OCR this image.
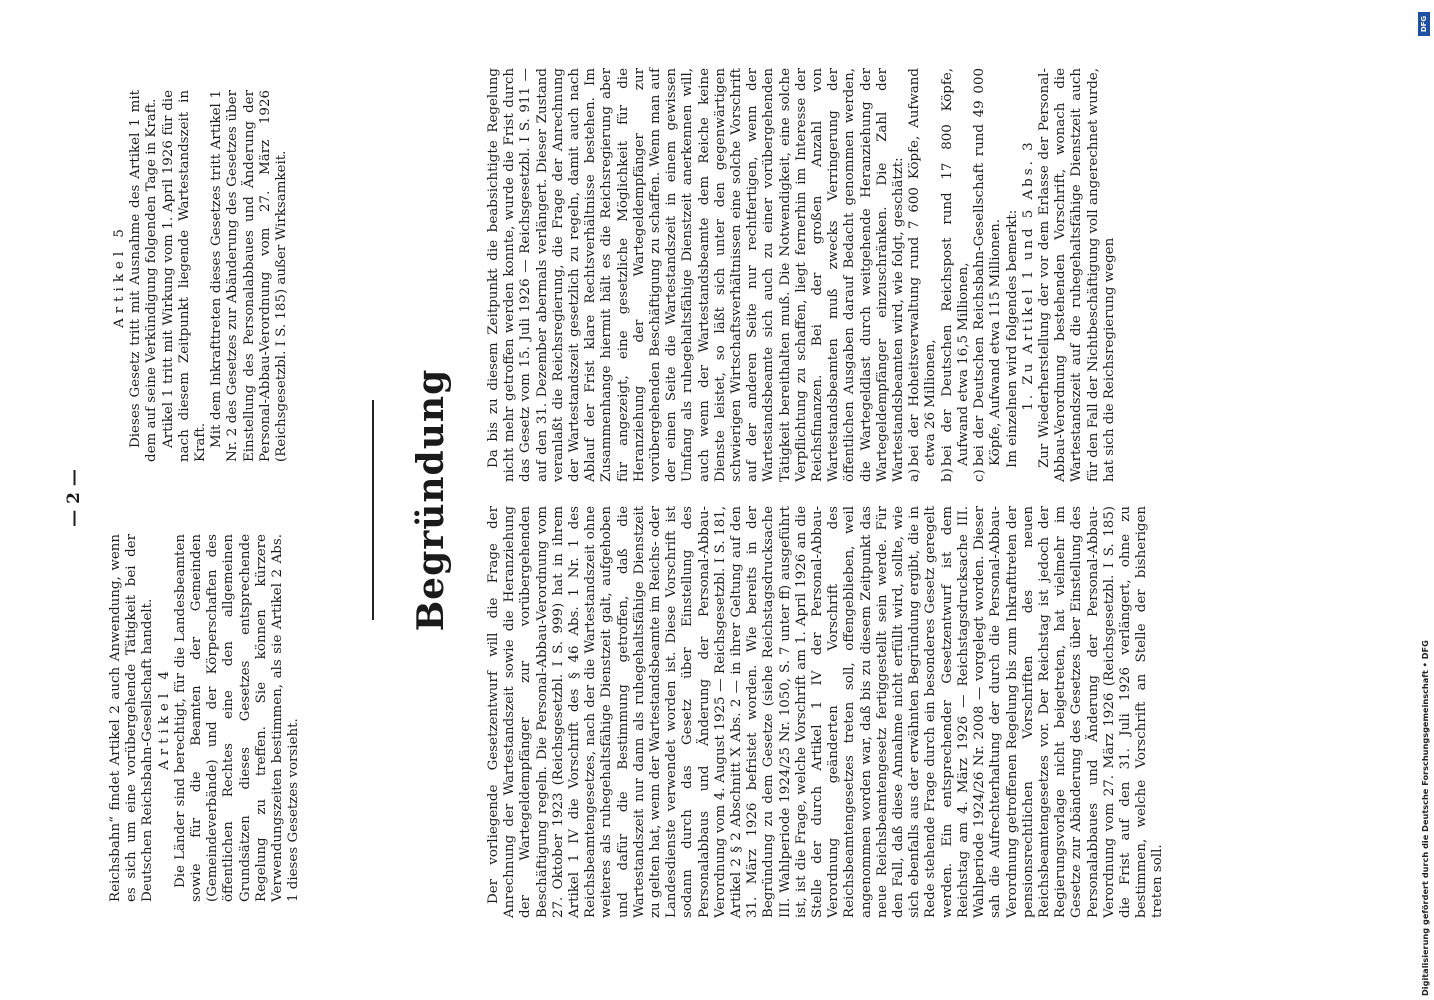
— 2 —

Reichsbahn“ findet Artikel 2 auch Anwendung, wenn es sich um eine vorübergehende Tätigkeit bei der Deutschen Reichsbahn-Gesellschaft handelt. Artikel 4 Die Länder sind berechtigt, für die Landesbeamten sowie für die Beamten der Gemeinden (Gemeindeverbände) und der Körperschaften des öffentlichen Rechtes eine den allgemeinen Grundsätzen dieses Gesetzes entsprechende Regelung zu treffen. Sie können kürzere Verwendungszeiten bestimmen, als sie Artikel 2 Abs. 1 dieses Gesetzes vorsieht.

Artikel 5 Dieses Gesetz tritt mit Ausnahme des Artikel 1 mit dem auf seine Verkündigung folgenden Tage in Kraft. Artikel 1 tritt mit Wirkung vom 1. April 1926 für die nach diesem Zeitpunkt liegende Wartestandszeit in Kraft. Mit dem Inkrafttreten dieses Gesetzes tritt Artikel 1 Nr. 2 des Gesetzes zur Abänderung des Gesetzes über Einstellung des Personalabbaues und Änderung der Personal-Abbau-Verordnung vom 27. März 1926 (Reichsgesetzbl. I S. 185) außer Wirksamkeit.

Begründung

Der vorliegende Gesetzentwurf will die Frage der Anrechnung der Wartestandszeit sowie die Heranziehung der Wartegeldempfänger zur vorübergehenden Beschäftigung regeln. Die Personal-Abbau-Verordnung vom 27. Oktober 1923 (Reichsgesetzbl. I S. 999) hat in ihrem Artikel 1 IV die Vorschrift des § 46 Abs. 1 Nr. 1 des Reichsbeamtengesetzes, nach der die Wartestandszeit ohne weiteres als ruhegehaltsfähige Dienstzeit galt, aufgehoben und dafür die Bestimmung getroffen, daß die Wartestandszeit nur dann als ruhegehaltsfähige Dienstzeit zu gelten hat, wenn der Wartestandsbeamte im Reichs- oder Landesdienste verwendet worden ist. Diese Vorschrift ist sodann durch das Gesetz über Einstellung des Personalabbaus und Änderung der Personal-Abbau-Verordnung vom 4. August 1925 — Reichsgesetzbl. I S. 181, Artikel 2 § 2 Abschnitt X Abs. 2 — in ihrer Geltung auf den 31. März 1926 befristet worden. Wie bereits in der Begründung zu dem Gesetze (siehe Reichstagsdrucksache III. Wahlperiode 1924/25 Nr. 1050, S. 7 unter ff) ausgeführt ist, ist die Frage, welche Vorschrift am 1. April 1926 an die Stelle der durch Artikel 1 IV der Personal-Abbau-Verordnung geänderten Vorschrift des Reichsbeamtengesetzes treten soll, offengeblieben, weil angenommen worden war, daß bis zu diesem Zeitpunkt das neue Reichsbeamtengesetz fertiggestellt sein werde. Für den Fall, daß diese Annahme nicht erfüllt wird, sollte, wie sich ebenfalls aus der erwähnten Begründung ergibt, die in Rede stehende Frage durch ein besonderes Gesetz geregelt werden. Ein entsprechender Gesetzentwurf ist dem Reichstag am 4. März 1926 — Reichstagsdrucksache III. Wahlperiode 1924/26 Nr. 2008 — vorgelegt worden. Dieser sah die Aufrechterhaltung der durch die Personal-Abbau-Verordnung getroffenen Regelung bis zum Inkrafttreten der pensionsrechtlichen Vorschriften des neuen Reichsbeamtengesetzes vor. Der Reichstag ist jedoch der Regierungsvorlage nicht beigetreten, hat vielmehr im Gesetze zur Abänderung des Gesetzes über Einstellung des Personalabbaues und Änderung der Personal-Abbau-Verordnung vom 27. März 1926 (Reichsgesetzbl. I S. 185) die Frist auf den 31. Juli 1926 verlängert, ohne zu bestimmen, welche Vorschrift an Stelle der bisherigen treten soll.

Da bis zu diesem Zeitpunkt die beabsichtigte Regelung nicht mehr getroffen werden konnte, wurde die Frist durch das Gesetz vom 15. Juli 1926 — Reichsgesetzbl. I S. 911 — auf den 31. Dezember abermals verlängert. Dieser Zustand veranlaßt die Reichsregierung, die Frage der Anrechnung der Wartestandszeit gesetzlich zu regeln, damit auch nach Ablauf der Frist klare Rechtsverhältnisse bestehen. Im Zusammenhange hiermit hält es die Reichsregierung aber für angezeigt, eine gesetzliche Möglichkeit für die Heranziehung der Wartegeldempfänger zur vorübergehenden Beschäftigung zu schaffen. Wenn man auf der einen Seite die Wartestandszeit in einem gewissen Umfang als ruhegehaltsfähige Dienstzeit anerkennen will, auch wenn der Wartestandsbeamte dem Reiche keine Dienste leistet, so läßt sich unter den gegenwärtigen schwierigen Wirtschaftsverhältnissen eine solche Vorschrift auf der anderen Seite nur rechtfertigen, wenn der Wartestandsbeamte sich auch zu einer vorübergehenden Tätigkeit bereithalten muß. Die Notwendigkeit, eine solche Verpflichtung zu schaffen, liegt fernerhin im Interesse der Reichsfinanzen. Bei der großen Anzahl von Wartestandsbeamten muß zwecks Verringerung der öffentlichen Ausgaben darauf Bedacht genommen werden, die Wartegeldlast durch weitgehende Heranziehung der Wartegeldempfänger einzuschränken. Die Zahl der Wartestandsbeamten wird, wie folgt, geschätzt: a)
bei der Hoheitsverwaltung rund 7 600 Köpfe, Aufwand etwa 26 Millionen,

b)
bei der Deutschen Reichspost rund 17 800 Köpfe, Aufwand etwa 16,5 Millionen,

c)
bei der Deutschen Reichsbahn-Gesellschaft rund 49 000 Köpfe, Aufwand etwa 115 Millionen. Im einzelnen wird folgendes bemerkt: 1. Zu Artikel 1 und 5 Abs. 3 Zur Wiederherstellung der vor dem Erlasse der Personal-Abbau-Verordnung bestehenden Vorschrift, wonach die Wartestandszeit auf die ruhegehaltsfähige Dienstzeit auch für den Fall der Nichtbeschäftigung voll angerechnet wurde, hat sich die Reichsregierung wegen

Digitalisierung gefördert durch die Deutsche Forschungsgemeinschaft • DFG
DFG
